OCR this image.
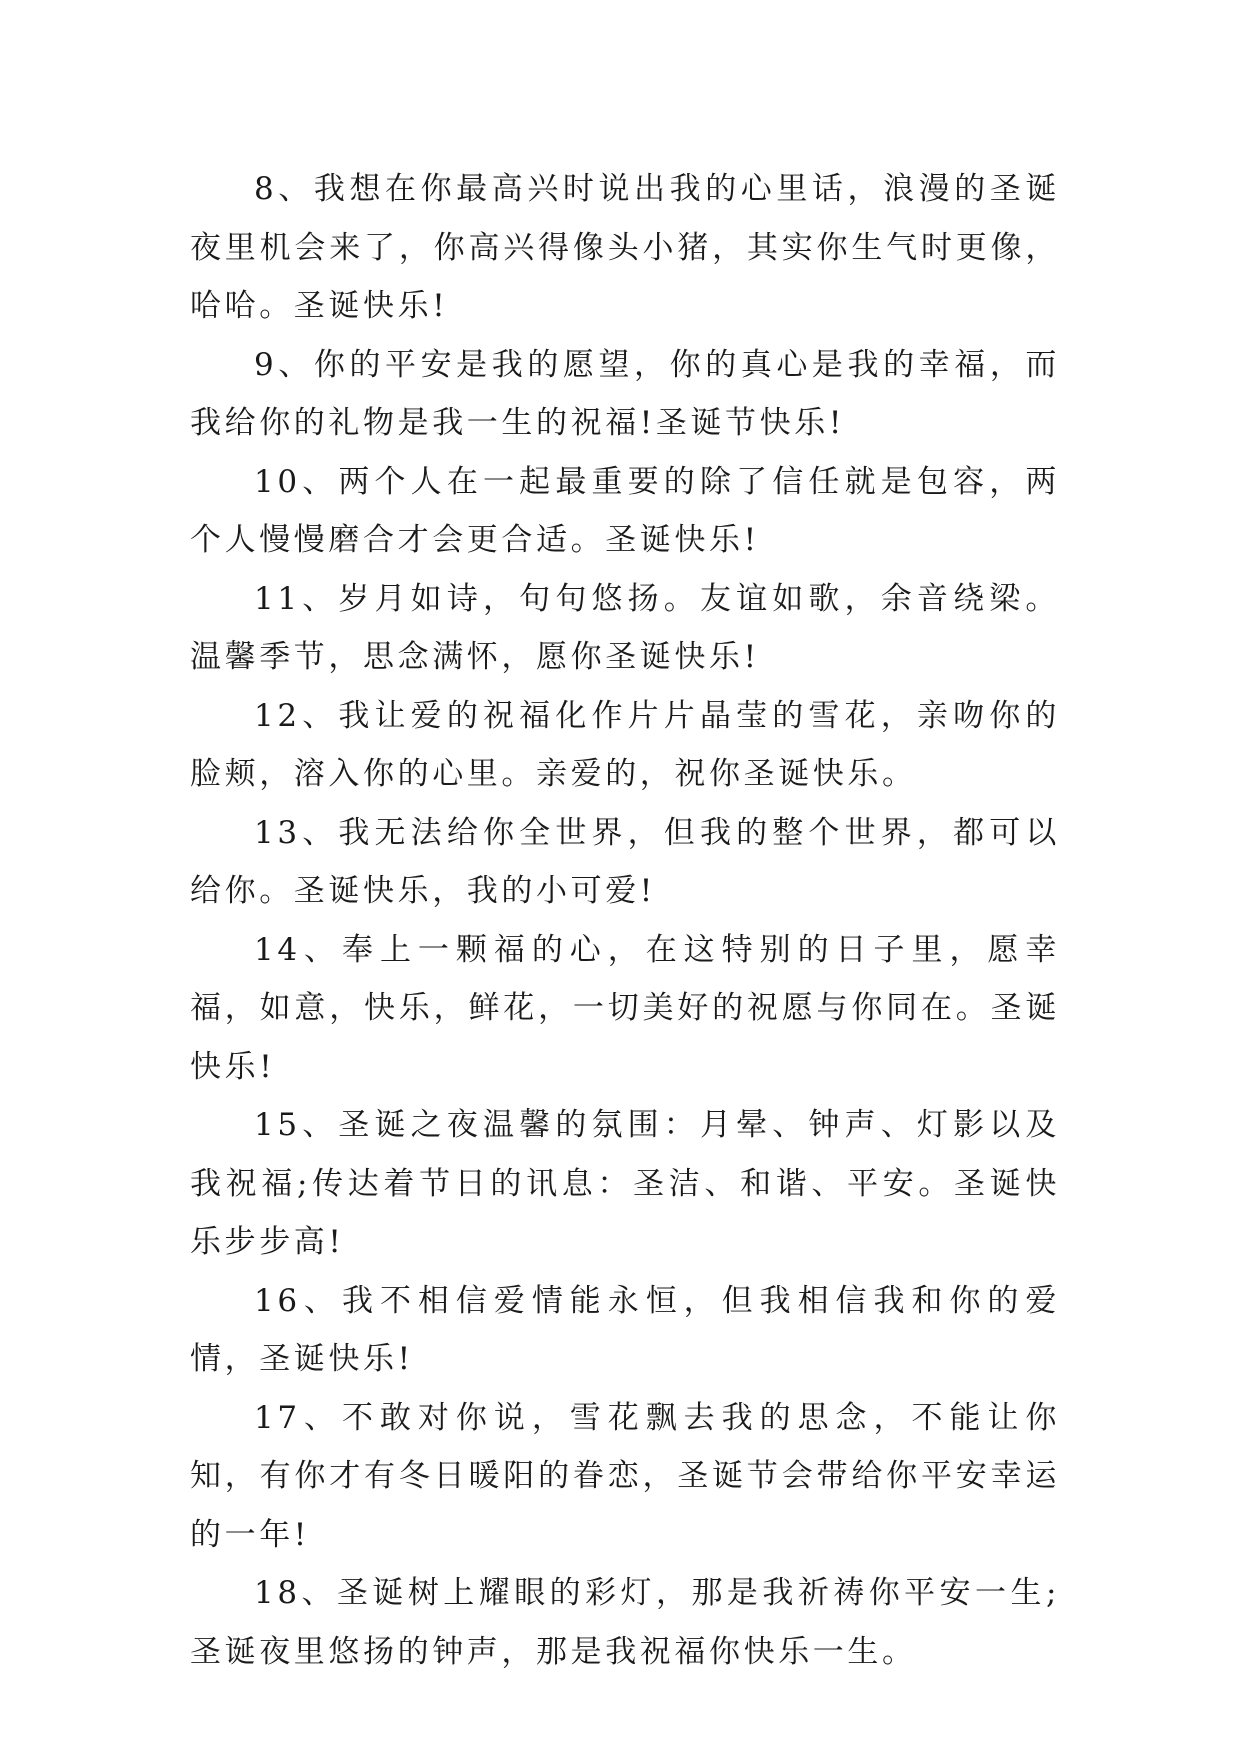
8、我想在你最高兴时说出我的心里话，浪漫的圣诞夜里机会来了，你高兴得像头小猪，其实你生气时更像，哈哈。圣诞快乐!

9、你的平安是我的愿望，你的真心是我的幸福，而我给你的礼物是我一生的祝福!圣诞节快乐!

10、两个人在一起最重要的除了信任就是包容，两个人慢慢磨合才会更合适。圣诞快乐!

11、岁月如诗，句句悠扬。友谊如歌，余音绕梁。温馨季节，思念满怀，愿你圣诞快乐!

12、我让爱的祝福化作片片晶莹的雪花，亲吻你的脸颊，溶入你的心里。亲爱的，祝你圣诞快乐。

13、我无法给你全世界，但我的整个世界，都可以给你。圣诞快乐，我的小可爱!

14、奉上一颗福的心，在这特别的日子里，愿幸福，如意，快乐，鲜花，一切美好的祝愿与你同在。圣诞快乐!

15、圣诞之夜温馨的氛围：月晕、钟声、灯影以及我祝福;传达着节日的讯息：圣洁、和谐、平安。圣诞快乐步步高!

16、我不相信爱情能永恒，但我相信我和你的爱情，圣诞快乐!

17、不敢对你说，雪花飘去我的思念，不能让你知，有你才有冬日暖阳的眷恋，圣诞节会带给你平安幸运的一年!

18、圣诞树上耀眼的彩灯，那是我祈祷你平安一生;圣诞夜里悠扬的钟声，那是我祝福你快乐一生。
